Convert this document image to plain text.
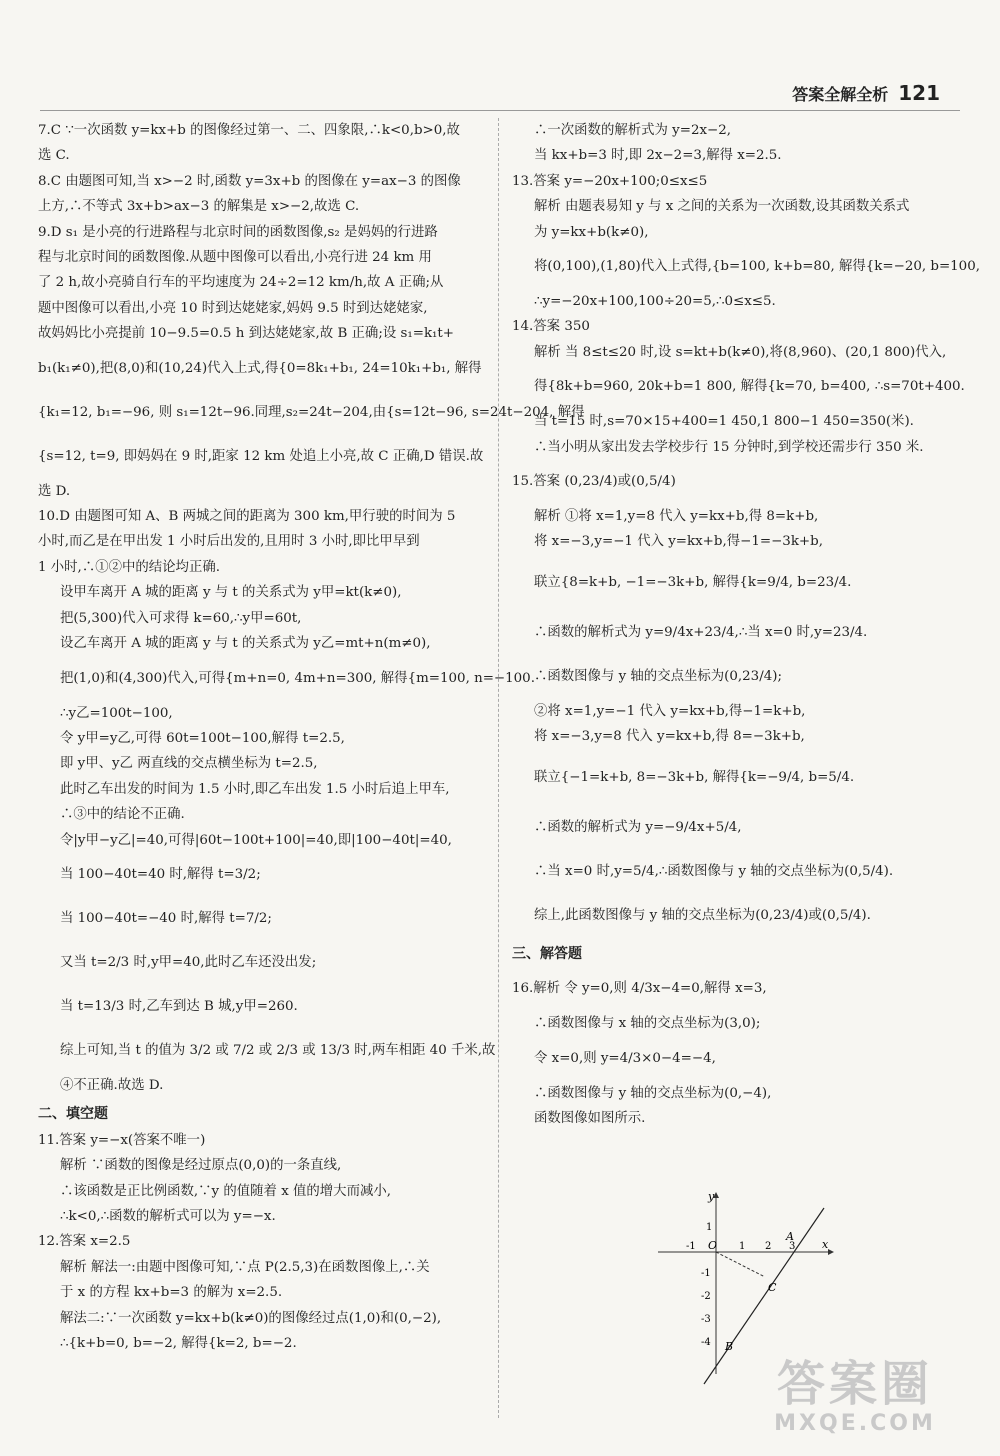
答案全解全析 121
7.C ∵一次函数 y=kx+b 的图像经过第一、二、四象限,∴k<0,b>0,故
选 C.
8.C 由题图可知,当 x>−2 时,函数 y=3x+b 的图像在 y=ax−3 的图像
上方,∴不等式 3x+b>ax−3 的解集是 x>−2,故选 C.
9.D s₁ 是小亮的行进路程与北京时间的函数图像,s₂ 是妈妈的行进路
程与北京时间的函数图像.从题中图像可以看出,小亮行进 24 km 用
了 2 h,故小亮骑自行车的平均速度为 24÷2=12 km/h,故 A 正确;从
题中图像可以看出,小亮 10 时到达姥姥家,妈妈 9.5 时到达姥姥家,
故妈妈比小亮提前 10−9.5=0.5 h 到达姥姥家,故 B 正确;设 s₁=k₁t+
b₁(k₁≠0),把(8,0)和(10,24)代入上式,得{0=8k₁+b₁, 24=10k₁+b₁, 解得
{k₁=12, b₁=−96, 则 s₁=12t−96.同理,s₂=24t−204,由{s=12t−96, s=24t−204, 解得
{s=12, t=9, 即妈妈在 9 时,距家 12 km 处追上小亮,故 C 正确,D 错误.故
选 D.
10.D 由题图可知 A、B 两城之间的距离为 300 km,甲行驶的时间为 5
小时,而乙是在甲出发 1 小时后出发的,且用时 3 小时,即比甲早到
1 小时,∴①②中的结论均正确.
设甲车离开 A 城的距离 y 与 t 的关系式为 y甲=kt(k≠0),
把(5,300)代入可求得 k=60,∴y甲=60t,
设乙车离开 A 城的距离 y 与 t 的关系式为 y乙=mt+n(m≠0),
把(1,0)和(4,300)代入,可得{m+n=0, 4m+n=300, 解得{m=100, n=−100.
∴y乙=100t−100,
令 y甲=y乙,可得 60t=100t−100,解得 t=2.5,
即 y甲、y乙 两直线的交点横坐标为 t=2.5,
此时乙车出发的时间为 1.5 小时,即乙车出发 1.5 小时后追上甲车,
∴③中的结论不正确.
令|y甲−y乙|=40,可得|60t−100t+100|=40,即|100−40t|=40,
当 100−40t=40 时,解得 t=3/2;
当 100−40t=−40 时,解得 t=7/2;
又当 t=2/3 时,y甲=40,此时乙车还没出发;
当 t=13/3 时,乙车到达 B 城,y甲=260.
综上可知,当 t 的值为 3/2 或 7/2 或 2/3 或 13/3 时,两车相距 40 千米,故
④不正确.故选 D.
二、填空题
11.答案 y=−x(答案不唯一)
解析 ∵函数的图像是经过原点(0,0)的一条直线,
∴该函数是正比例函数,∵y 的值随着 x 值的增大而减小,
∴k<0,∴函数的解析式可以为 y=−x.
12.答案 x=2.5
解析 解法一:由题中图像可知,∵点 P(2.5,3)在函数图像上,∴关
于 x 的方程 kx+b=3 的解为 x=2.5.
解法二:∵一次函数 y=kx+b(k≠0)的图像经过点(1,0)和(0,−2),
∴{k+b=0, b=−2, 解得{k=2, b=−2.
∴一次函数的解析式为 y=2x−2,
当 kx+b=3 时,即 2x−2=3,解得 x=2.5.
13.答案 y=−20x+100;0≤x≤5
解析 由题表易知 y 与 x 之间的关系为一次函数,设其函数关系式
为 y=kx+b(k≠0),
将(0,100),(1,80)代入上式得,{b=100, k+b=80, 解得{k=−20, b=100,
∴y=−20x+100,100÷20=5,∴0≤x≤5.
14.答案 350
解析 当 8≤t≤20 时,设 s=kt+b(k≠0),将(8,960)、(20,1 800)代入,
得{8k+b=960, 20k+b=1 800, 解得{k=70, b=400, ∴s=70t+400.
当 t=15 时,s=70×15+400=1 450,1 800−1 450=350(米).
∴当小明从家出发去学校步行 15 分钟时,到学校还需步行 350 米.
15.答案 (0,23/4)或(0,5/4)
解析 ①将 x=1,y=8 代入 y=kx+b,得 8=k+b,
将 x=−3,y=−1 代入 y=kx+b,得−1=−3k+b,
联立{8=k+b, −1=−3k+b, 解得{k=9/4, b=23/4.
∴函数的解析式为 y=9/4x+23/4,∴当 x=0 时,y=23/4.
∴函数图像与 y 轴的交点坐标为(0,23/4);
②将 x=1,y=−1 代入 y=kx+b,得−1=k+b,
将 x=−3,y=8 代入 y=kx+b,得 8=−3k+b,
联立{−1=k+b, 8=−3k+b, 解得{k=−9/4, b=5/4.
∴函数的解析式为 y=−9/4x+5/4,
∴当 x=0 时,y=5/4,∴函数图像与 y 轴的交点坐标为(0,5/4).
综上,此函数图像与 y 轴的交点坐标为(0,23/4)或(0,5/4).
三、解答题
16.解析 令 y=0,则 4/3x−4=0,解得 x=3,
∴函数图像与 x 轴的交点坐标为(3,0);
令 x=0,则 y=4/3×0−4=−4,
∴函数图像与 y 轴的交点坐标为(0,−4),
函数图像如图所示.
x
y
O
-1	1 2 3
1
-1
-2
-3
-4
A
B
C
答案圈
MXQE.COM
